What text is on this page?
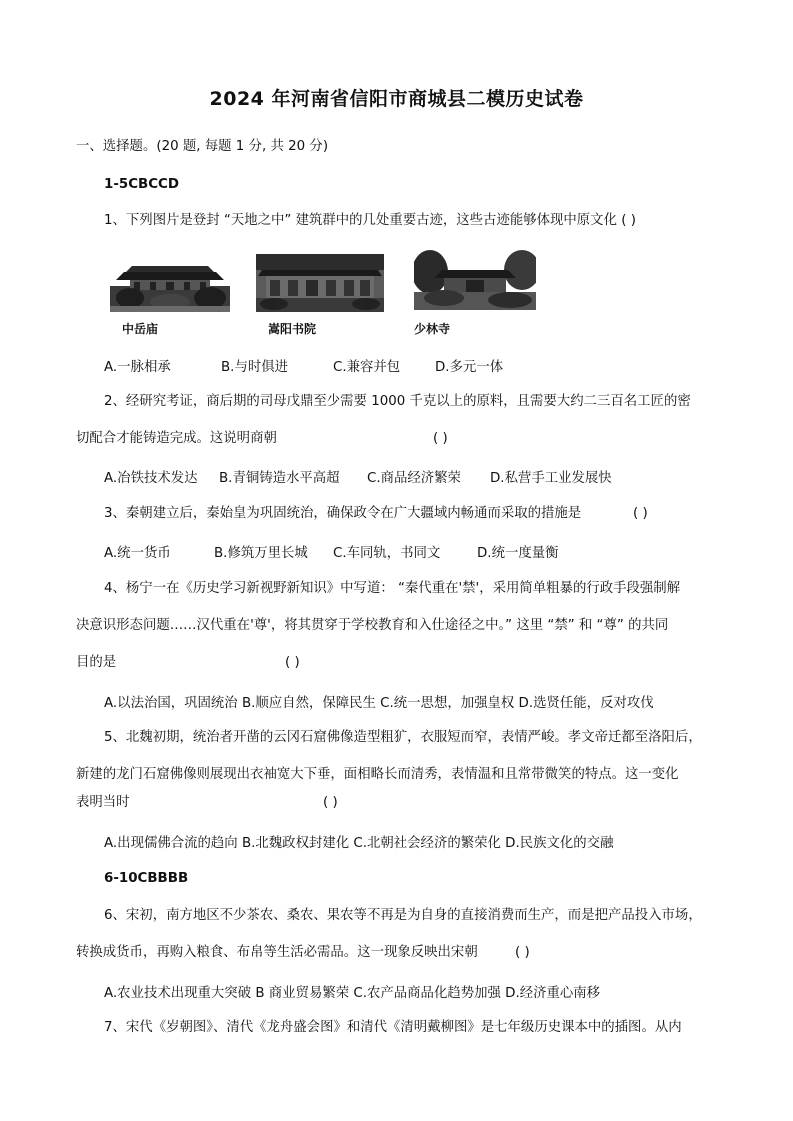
2024 年河南省信阳市商城县二模历史试卷
一、选择题。(20 题, 每题 1 分, 共 20 分)
1-5CBCCD
1、下列图片是登封 “天地之中” 建筑群中的几处重要古迹，这些古迹能够体现中原文化 ( )
中岳庙	嵩阳书院	少林寺
A.一脉相承	B.与时俱进	C.兼容并包	D.多元一体
2、经研究考证，商后期的司母戊鼎至少需要 1000 千克以上的原料，且需要大约二三百名工匠的密
切配合才能铸造完成。这说明商朝	( )
A.冶铁技术发达 B.青铜铸造水平高超 C.商品经济繁荣 D.私营手工业发展快
3、秦朝建立后，秦始皇为巩固统治，确保政令在广大疆域内畅通而采取的措施是	( )
A.统一货币	B.修筑万里长城 C.车同轨，书同文	D.统一度量衡
4、杨宁一在《历史学习新视野新知识》中写道： “秦代重在'禁'，采用简单粗暴的行政手段强制解
决意识形态问题……汉代重在'尊'，将其贯穿于学校教育和入仕途径之中。” 这里 “禁” 和 “尊” 的共同
目的是	( )
A.以法治国，巩固统治 B.顺应自然，保障民生 C.统一思想，加强皇权 D.选贤任能，反对攻伐
5、北魏初期，统治者开凿的云冈石窟佛像造型粗犷，衣服短而窄，表情严峻。孝文帝迁都至洛阳后，
新建的龙门石窟佛像则展现出衣袖宽大下垂，面相略长而清秀，表情温和且常带微笑的特点。这一变化
表明当时	( )
A.出现儒佛合流的趋向 B.北魏政权封建化 C.北朝社会经济的繁荣化 D.民族文化的交融
6-10CBBBB
6、宋初，南方地区不少茶农、桑农、果农等不再是为自身的直接消费而生产，而是把产品投入市场，
转换成货币，再购入粮食、布帛等生活必需品。这一现象反映出宋朝	( )
A.农业技术出现重大突破 B 商业贸易繁荣 C.农产品商品化趋势加强 D.经济重心南移
7、宋代《岁朝图》、清代《龙舟盛会图》和清代《清明戴柳图》是七年级历史课本中的插图。从内
